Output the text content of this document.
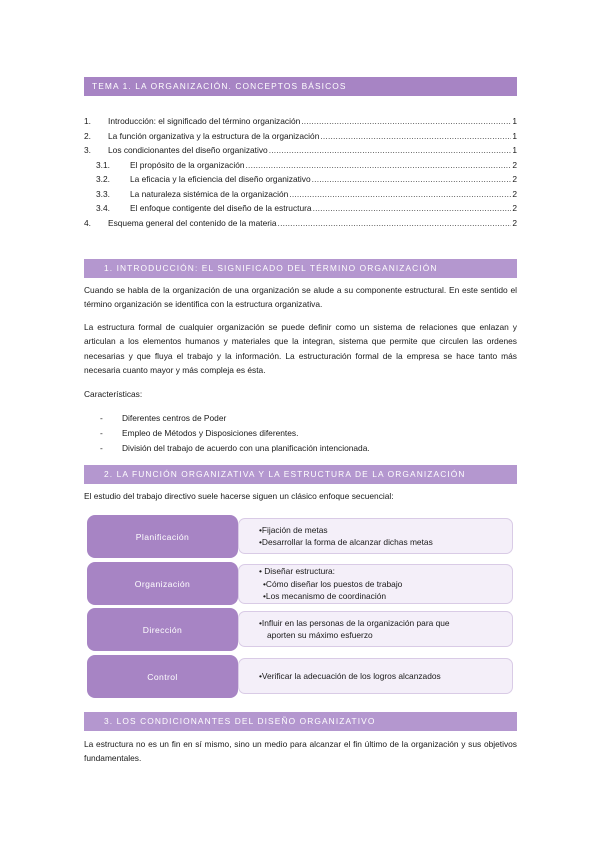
TEMA 1. LA ORGANIZACIÓN. CONCEPTOS BÁSICOS
1.	Introducción: el significado del término organización .....	1
2.	La función organizativa y la estructura de la organización .....	1
3.	Los condicionantes del diseño organizativo .....	1
3.1.	El propósito de la organización .....	2
3.2.	La eficacia y la eficiencia del diseño organizativo .....	2
3.3.	La naturaleza sistémica de la organización .....	2
3.4.	El enfoque contigente del diseño de la estructura .....	2
4.	Esquema general del contenido de la materia .....	2
1. INTRODUCCIÓN: EL SIGNIFICADO DEL TÉRMINO ORGANIZACIÓN
Cuando se habla de la organización de una organización se alude a su componente estructural. En este sentido el término organización se identifica con la estructura organizativa.
La estructura formal de cualquier organización se puede definir como un sistema de relaciones que enlazan y articulan a los elementos humanos y materiales que la integran, sistema que permite que circulen las ordenes necesarias y que fluya el trabajo y la información. La estructuración formal de la empresa se hace tanto más necesaria cuanto mayor y más compleja es ésta.
Características:
- Diferentes centros de Poder
- Empleo de Métodos y Disposiciones diferentes.
- División del trabajo de acuerdo con una planificación intencionada.
2. LA FUNCIÓN ORGANIZATIVA Y LA ESTRUCTURA DE LA ORGANIZACIÓN
El estudio del trabajo directivo suele hacerse siguen un clásico enfoque secuencial:
•Fijación de metas
•Desarrollar la forma de alcanzar dichas metas
Planificación
• Diseñar estructura:
•Cómo diseñar los puestos de trabajo
•Los mecanismo de coordinación
Organización
•Influir en las personas de la organización para que
aporten su máximo esfuerzo
Dirección
•Verificar la adecuación de los logros alcanzados
Control
3. LOS CONDICIONANTES DEL DISEÑO ORGANIZATIVO
La estructura no es un fin en sí mismo, sino un medio para alcanzar el fin último de la organización y sus objetivos fundamentales.
